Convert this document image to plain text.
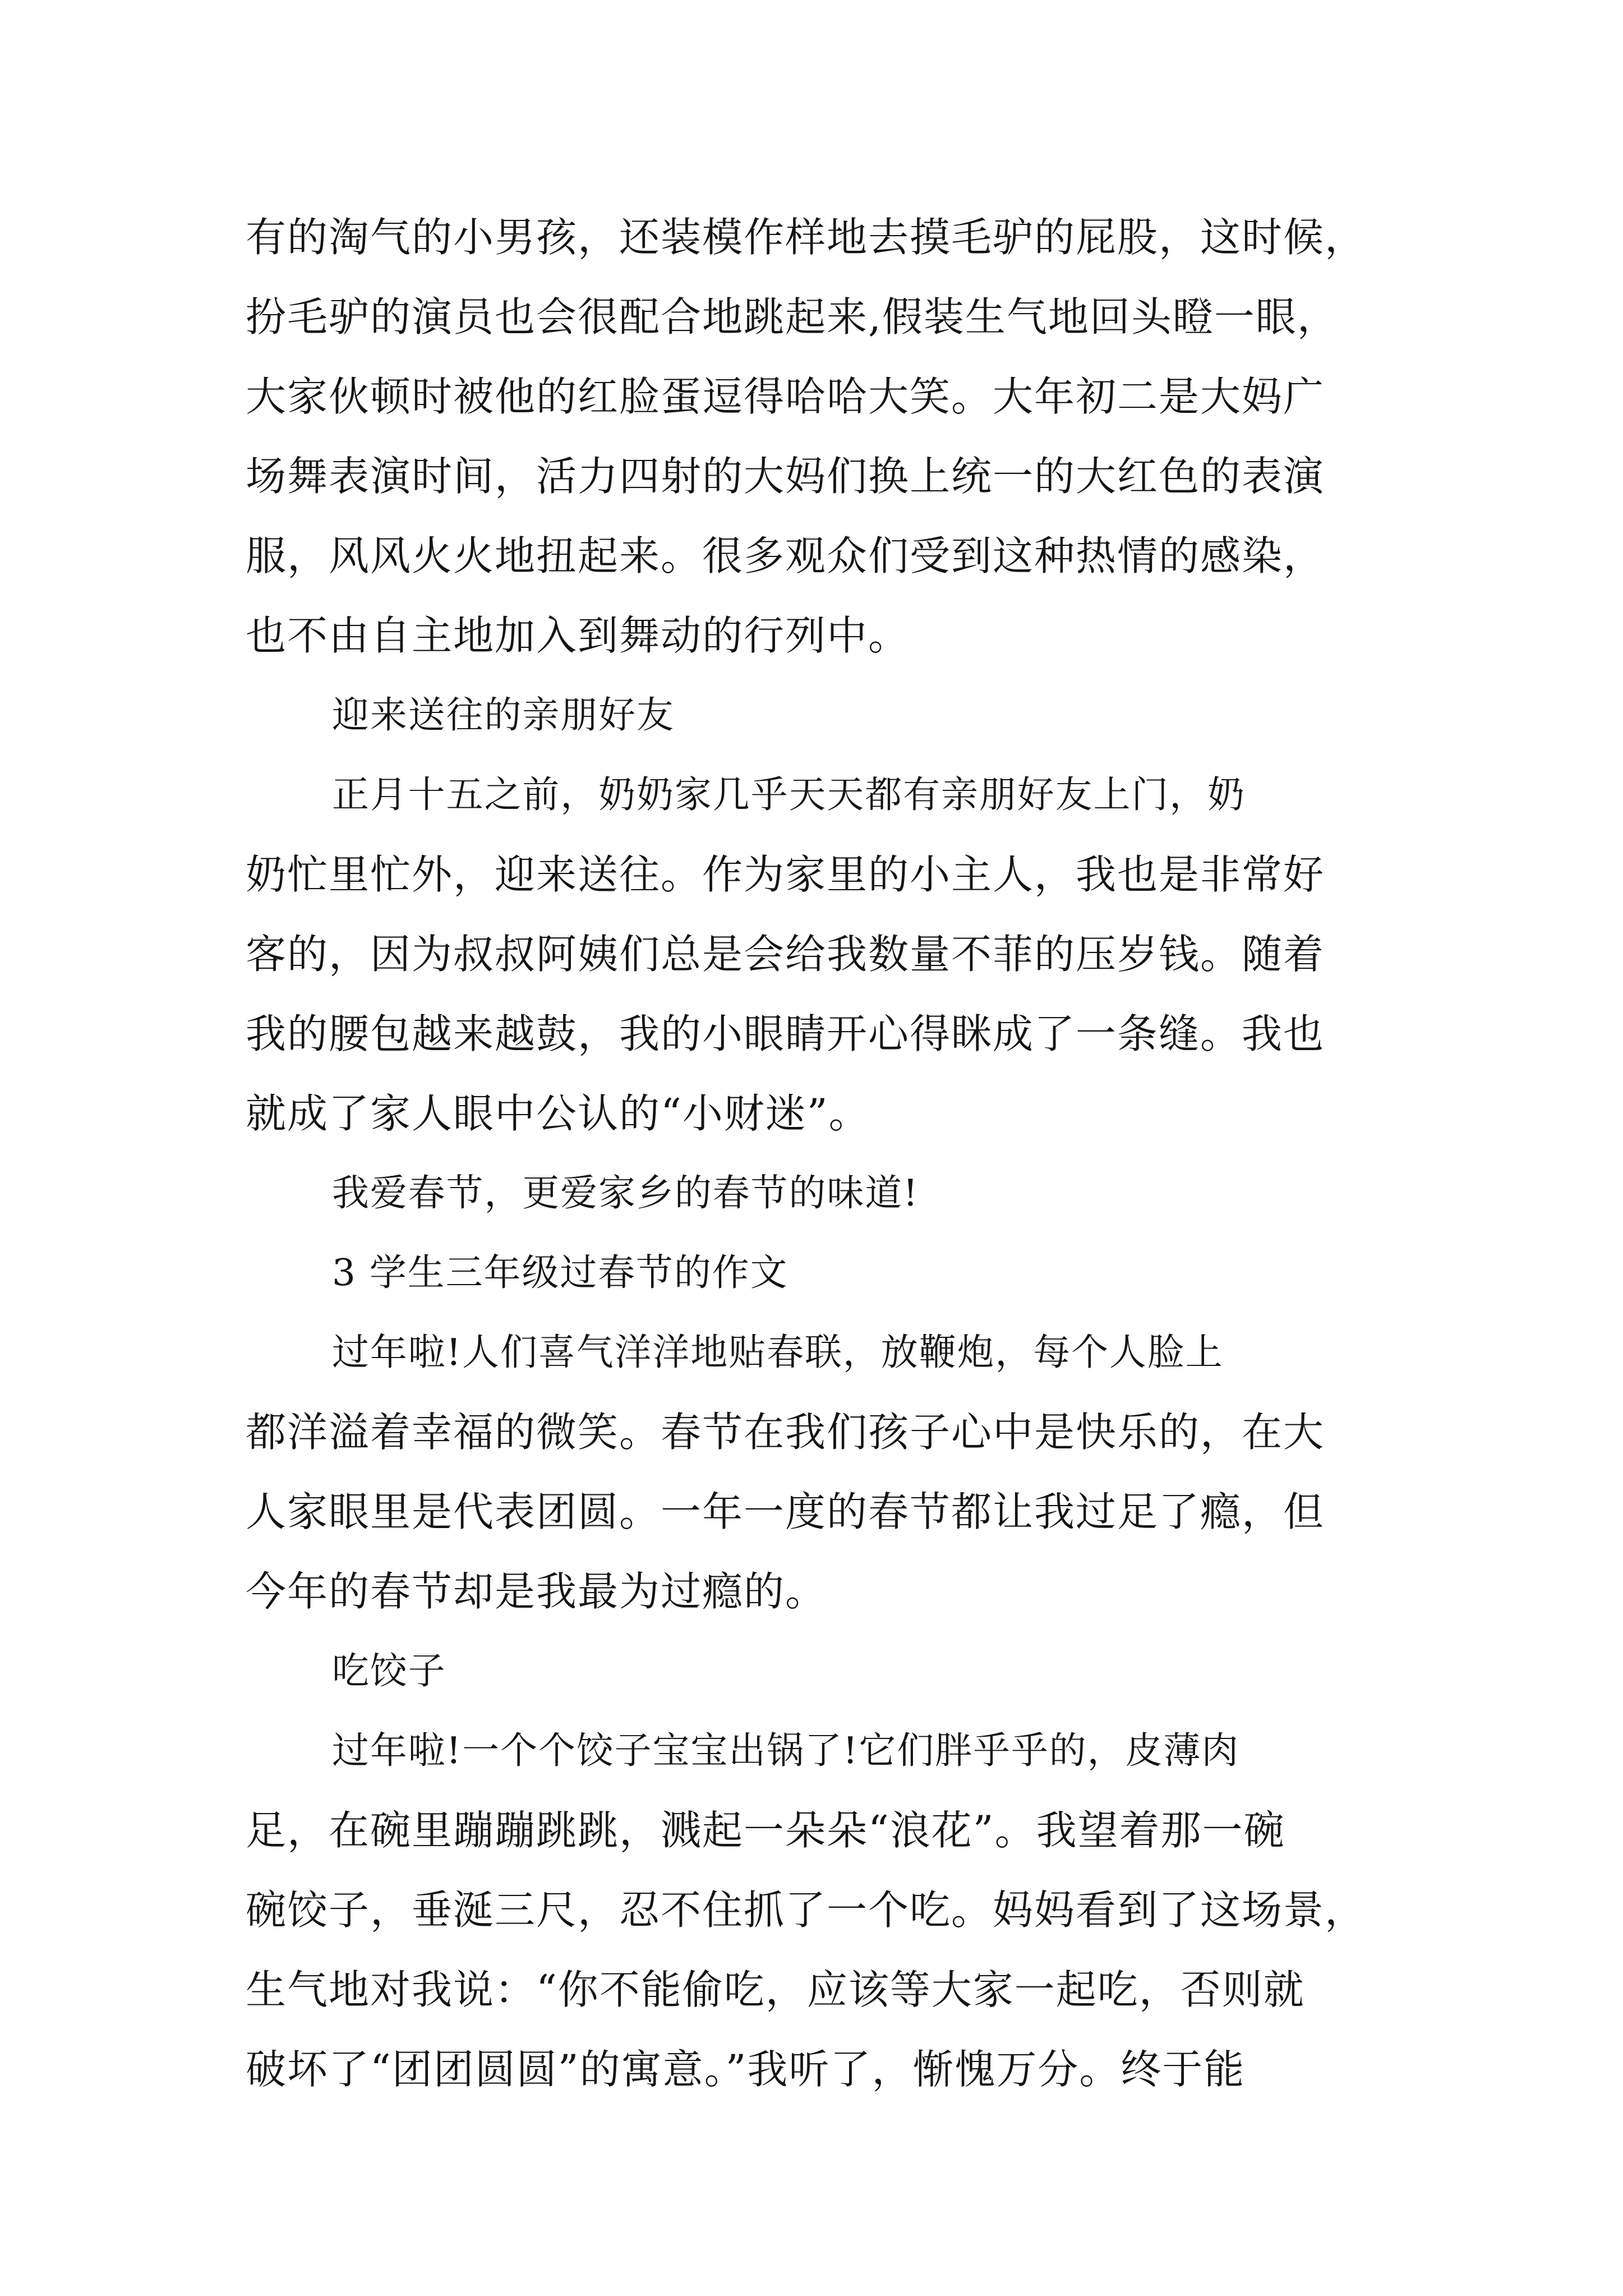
有的淘气的小男孩，还装模作样地去摸毛驴的屁股，这时候，
扮毛驴的演员也会很配合地跳起来,假装生气地回头瞪一眼，
大家伙顿时被他的红脸蛋逗得哈哈大笑。大年初二是大妈广
场舞表演时间，活力四射的大妈们换上统一的大红色的表演
服，风风火火地扭起来。很多观众们受到这种热情的感染，
也不由自主地加入到舞动的行列中。
迎来送往的亲朋好友
正月十五之前，奶奶家几乎天天都有亲朋好友上门，奶
奶忙里忙外，迎来送往。作为家里的小主人，我也是非常好
客的，因为叔叔阿姨们总是会给我数量不菲的压岁钱。随着
我的腰包越来越鼓，我的小眼睛开心得眯成了一条缝。我也
就成了家人眼中公认的“小财迷”。
我爱春节，更爱家乡的春节的味道!
3 学生三年级过春节的作文
过年啦!人们喜气洋洋地贴春联，放鞭炮，每个人脸上
都洋溢着幸福的微笑。春节在我们孩子心中是快乐的，在大
人家眼里是代表团圆。一年一度的春节都让我过足了瘾，但
今年的春节却是我最为过瘾的。
吃饺子
过年啦!一个个饺子宝宝出锅了!它们胖乎乎的，皮薄肉
足，在碗里蹦蹦跳跳，溅起一朵朵“浪花”。我望着那一碗
碗饺子，垂涎三尺，忍不住抓了一个吃。妈妈看到了这场景，
生气地对我说：“你不能偷吃，应该等大家一起吃，否则就
破坏了“团团圆圆”的寓意。”我听了，惭愧万分。终于能
